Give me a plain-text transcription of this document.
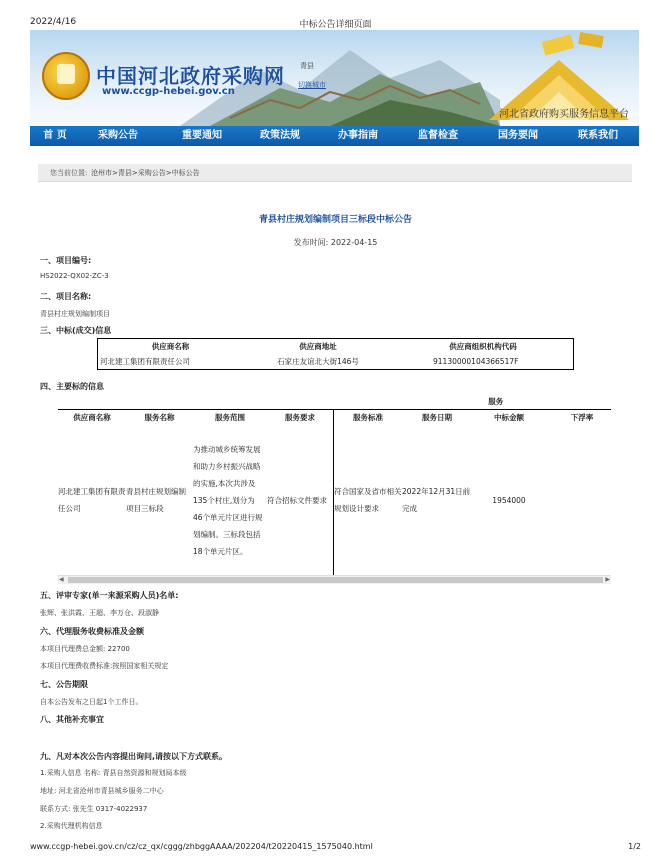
2022/4/16	中标公告详细页面
中国河北政府采购网
www.ccgp-hebei.gov.cn
青县
切换城市
河北省政府购买服务信息平台
首 页	采购公告	重要通知	政策法规	办事指南	监督检查	国务要闻	联系我们
您当前位置: 沧州市>青县>采购公告>中标公告
青县村庄规划编制项目三标段中标公告
发布时间: 2022-04-15
一、项目编号:
HS2022-QX02-ZC-3
二、项目名称:
青县村庄规划编制项目
三、中标(成交)信息
供应商名称	供应商地址	供应商组织机构代码
河北建工集团有限责任公司	石家庄友谊北大街146号	91130000104366517F
四、主要标的信息
				服务			
供应商名称	服务名称	服务范围	服务要求	服务标准	服务日期	中标金额	下浮率
河北建工集团有限责任公司	青县村庄规划编制项目三标段	为推动城乡统筹发展和助力乡村振兴战略的实施,本次共涉及135个村庄,划分为46个单元片区进行规划编制。三标段包括18个单元片区。	符合招标文件要求	符合国家及省市相关规划设计要求	2022年12月31日前完成	1954000	
◀	▶
五、评审专家(单一来源采购人员)名单:
张辉、张洪霞、王超、李万仓、段淑静
六、代理服务收费标准及金额
本项目代理费总金额: 22700
本项目代理费收费标准:按照国家相关规定
七、公告期限
自本公告发布之日起1个工作日。
八、其他补充事宜
九、凡对本次公告内容提出询问,请按以下方式联系。
1.采购人信息 名称: 青县自然资源和规划局本级
地址: 河北省沧州市青县城乡服务二中心
联系方式: 张先生 0317-4022937
2.采购代理机构信息
www.ccgp-hebei.gov.cn/cz/cz_qx/cggg/zhbggAAAA/202204/t20220415_1575040.html	1/2
